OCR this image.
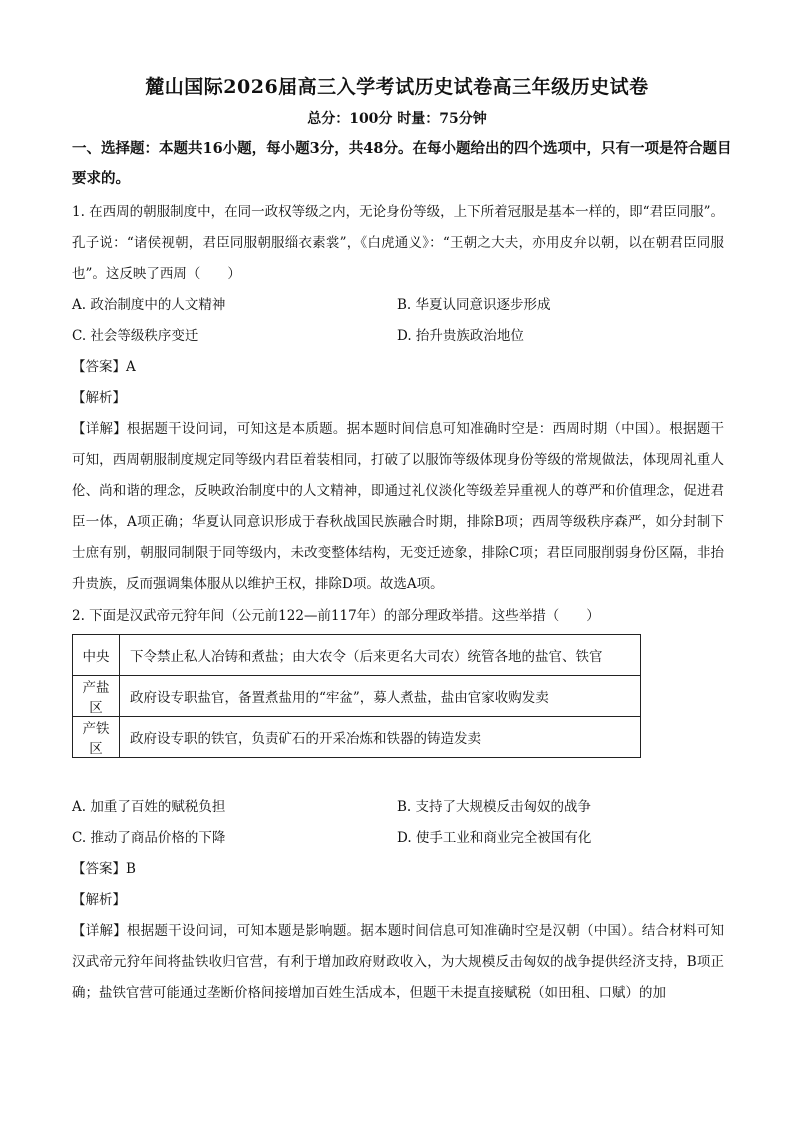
麓山国际2026届高三入学考试历史试卷高三年级历史试卷
总分：100分 时量：75分钟
一、选择题：本题共16小题，每小题3分，共48分。在每小题给出的四个选项中，只有一项是符合题目要求的。
1. 在西周的朝服制度中，在同一政权等级之内，无论身份等级，上下所着冠服是基本一样的，即“君臣同服”。孔子说：“诸侯视朝，君臣同服朝服缁衣素裳”，《白虎通义》：“王朝之大夫，亦用皮弁以朝，以在朝君臣同服也”。这反映了西周（　　）
A. 政治制度中的人文精神	B. 华夏认同意识逐步形成
C. 社会等级秩序变迁	D. 抬升贵族政治地位
【答案】A
【解析】
【详解】根据题干设问词，可知这是本质题。据本题时间信息可知准确时空是：西周时期（中国）。根据题干可知，西周朝服制度规定同等级内君臣着装相同，打破了以服饰等级体现身份等级的常规做法，体现周礼重人伦、尚和谐的理念，反映政治制度中的人文精神，即通过礼仪淡化等级差异重视人的尊严和价值理念，促进君臣一体，A项正确；华夏认同意识形成于春秋战国民族融合时期，排除B项；西周等级秩序森严，如分封制下士庶有别，朝服同制限于同等级内，未改变整体结构，无变迁迹象，排除C项；君臣同服削弱身份区隔，非抬升贵族，反而强调集体服从以维护王权，排除D项。故选A项。
2. 下面是汉武帝元狩年间（公元前122—前117年）的部分理政举措。这些举措（　　）
中央	下令禁止私人冶铸和煮盐；由大农令（后来更名大司农）统管各地的盐官、铁官
产盐区	政府设专职盐官，备置煮盐用的“牢盆”，募人煮盐，盐由官家收购发卖
产铁区	政府设专职的铁官，负责矿石的开采冶炼和铁器的铸造发卖
A. 加重了百姓的赋税负担	B. 支持了大规模反击匈奴的战争
C. 推动了商品价格的下降	D. 使手工业和商业完全被国有化
【答案】B
【解析】
【详解】根据题干设问词，可知本题是影响题。据本题时间信息可知准确时空是汉朝（中国）。结合材料可知汉武帝元狩年间将盐铁收归官营，有利于增加政府财政收入，为大规模反击匈奴的战争提供经济支持，B项正确；盐铁官营可能通过垄断价格间接增加百姓生活成本，但题干未提直接赋税（如田租、口赋）的加
